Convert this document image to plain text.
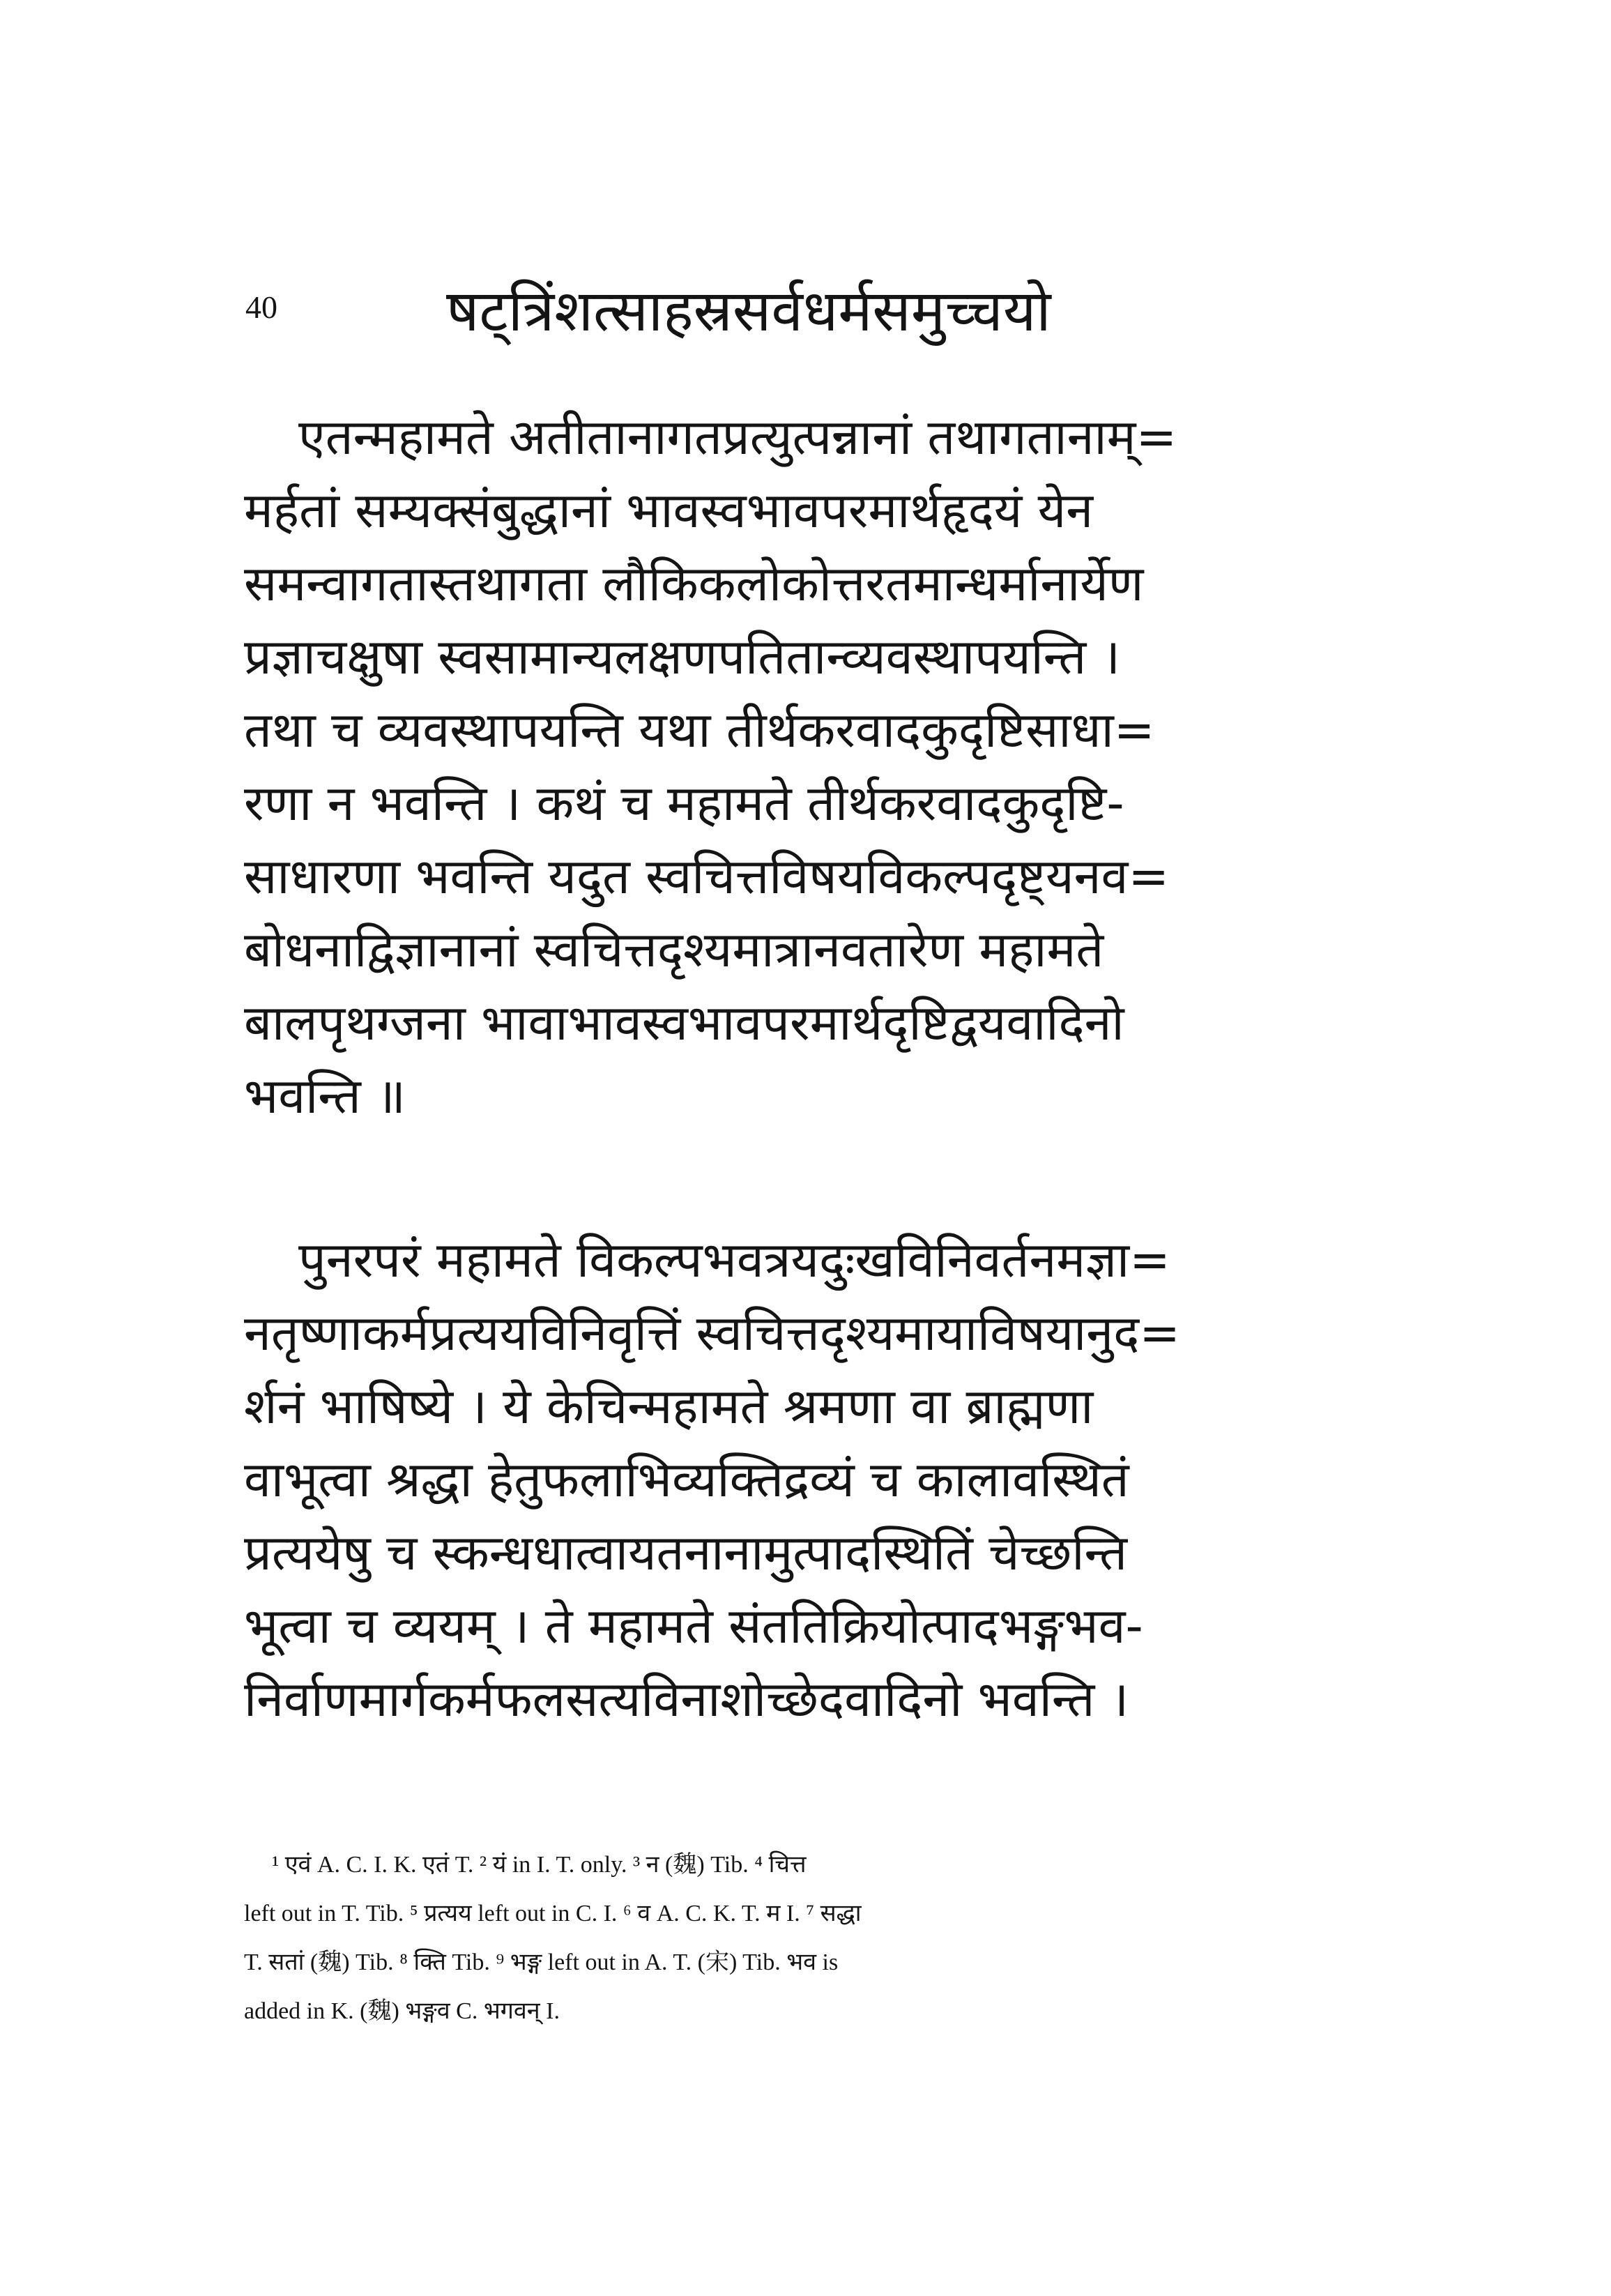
40	षट्त्रिंशत्साहस्रसर्वधर्मसमुच्चयो
एतन्महामते अतीतानागतप्रत्युत्पन्नानां तथागतानाम्=
मर्हतां सम्यक्संबुद्धानां भावस्वभावपरमार्थहृदयं येन
समन्वागतास्तथागता लौकिकलोकोत्तरतमान्धर्मानार्येण
प्रज्ञाचक्षुषा स्वसामान्यलक्षणपतितान्व्यवस्थापयन्ति ।
तथा च व्यवस्थापयन्ति यथा तीर्थकरवादकुदृष्टिसाधा=
रणा न भवन्ति । कथं च महामते तीर्थकरवादकुदृष्टि-
साधारणा भवन्ति यदुत स्वचित्तविषयविकल्पदृष्ट्यनव=
बोधनाद्विज्ञानानां स्वचित्तदृश्यमात्रानवतारेण महामते
बालपृथग्जना भावाभावस्वभावपरमार्थदृष्टिद्वयवादिनो
भवन्ति ॥
पुनरपरं महामते विकल्पभवत्रयदुःखविनिवर्तनमज्ञा=
नतृष्णाकर्मप्रत्ययविनिवृत्तिं स्वचित्तदृश्यमायाविषयानुद=
र्शनं भाषिष्ये । ये केचिन्महामते श्रमणा वा ब्राह्मणा
वाभूत्वा श्रद्धा हेतुफलाभिव्यक्तिद्रव्यं च कालावस्थितं
प्रत्ययेषु च स्कन्धधात्वायतनानामुत्पादस्थितिं चेच्छन्ति
भूत्वा च व्ययम् । ते महामते संततिक्रियोत्पादभङ्गभव-
निर्वाणमार्गकर्मफलसत्यविनाशोच्छेदवादिनो भवन्ति ।
¹ एवं A. C. I. K. एतं T. ² यं in I. T. only. ³ न (魏) Tib. ⁴ चित्त
left out in T. Tib. ⁵ प्रत्यय left out in C. I. ⁶ व A. C. K. T. म I. ⁷ सद्धा
T. सतां (魏) Tib. ⁸ क्ति Tib. ⁹ भङ्ग left out in A. T. (宋) Tib. भव is
added in K. (魏) भङ्गव C. भगवन् I.
